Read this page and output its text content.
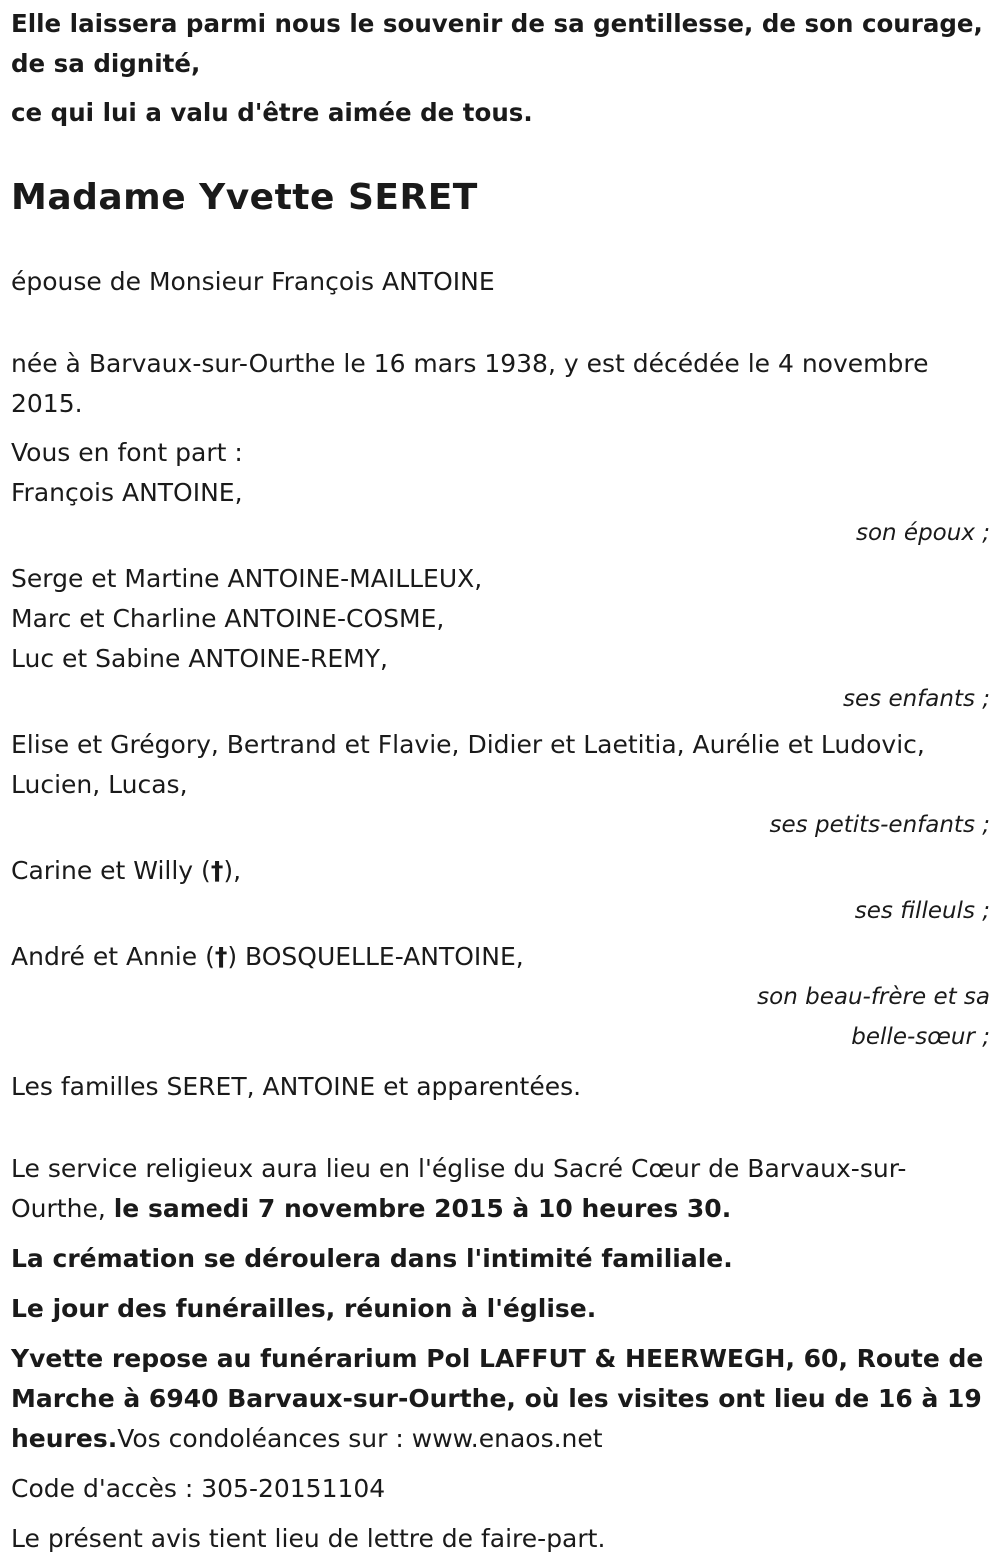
Elle laissera parmi nous le souvenir de sa gentillesse, de son courage, de sa dignité,

ce qui lui a valu d'être aimée de tous.

Madame Yvette SERET

épouse de Monsieur François ANTOINE

née à Barvaux-sur-Ourthe le 16 mars 1938, y est décédée le 4 novembre 2015.

Vous en font part :

François ANTOINE,

son époux ;

Serge et Martine ANTOINE-MAILLEUX,

Marc et Charline ANTOINE-COSME,

Luc et Sabine ANTOINE-REMY,

ses enfants ;

Elise et Grégory, Bertrand et Flavie, Didier et Laetitia, Aurélie et Ludovic, Lucien, Lucas,

ses petits-enfants ;

Carine et Willy (†),

ses filleuls ;

André et Annie (†) BOSQUELLE-ANTOINE,

son beau-frère et sa belle-sœur ;

Les familles SERET, ANTOINE et apparentées.

Le service religieux aura lieu en l'église du Sacré Cœur de Barvaux-sur-Ourthe, le samedi 7 novembre 2015 à 10 heures 30.

La crémation se déroulera dans l'intimité familiale.

Le jour des funérailles, réunion à l'église.

Yvette repose au funérarium Pol LAFFUT & HEERWEGH, 60, Route de Marche à 6940 Barvaux-sur-Ourthe, où les visites ont lieu de 16 à 19 heures.Vos condoléances sur : www.enaos.net

Code d'accès : 305-20151104

Le présent avis tient lieu de lettre de faire-part.
